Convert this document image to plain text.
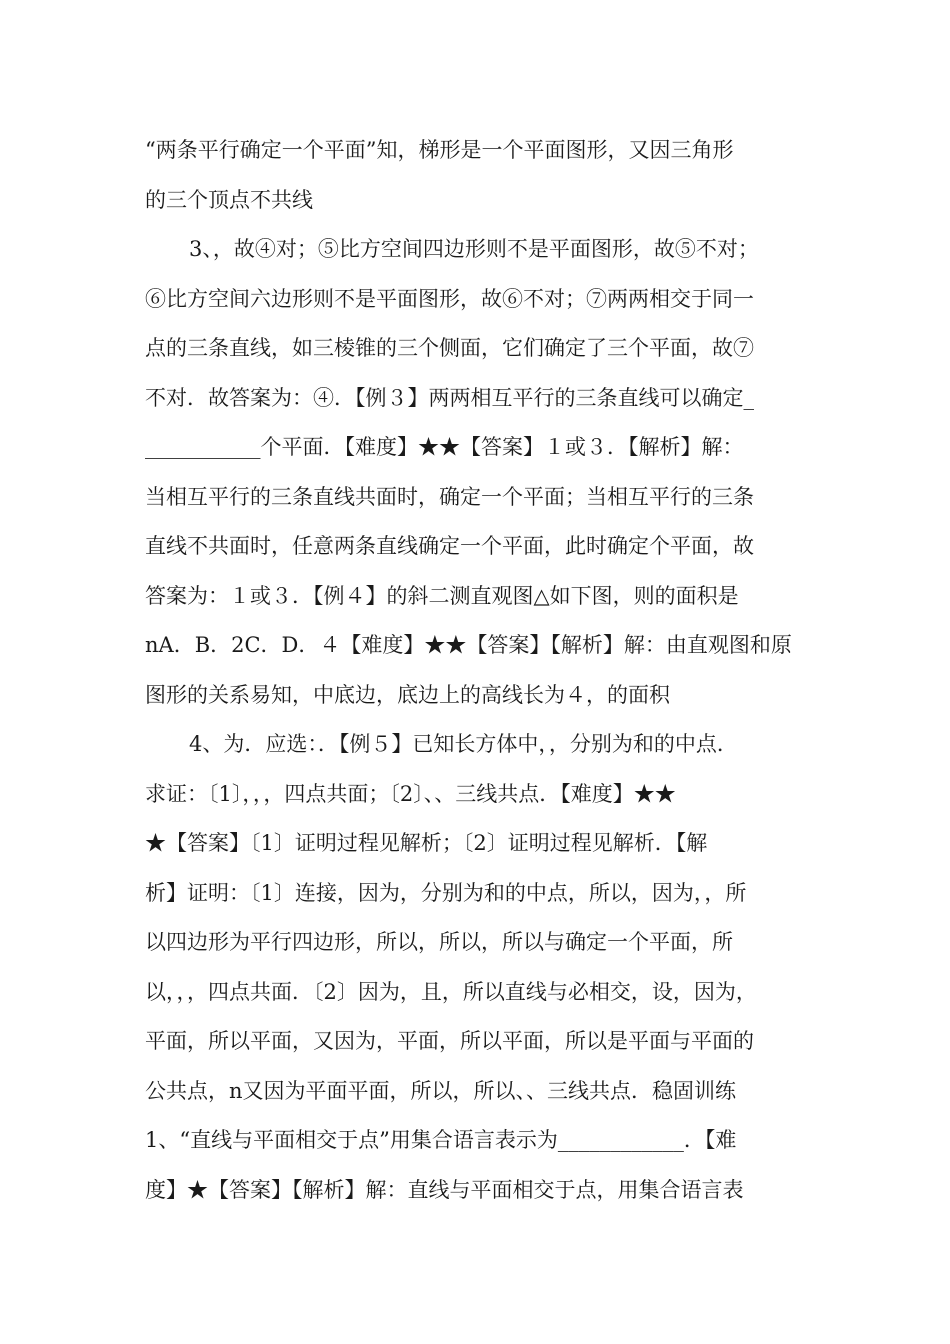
“两条平行确定一个平面”知，梯形是一个平面图形，又因三角形
的三个顶点不共线
3、，故④对；⑤比方空间四边形则不是平面图形，故⑤不对；
⑥比方空间六边形则不是平面图形，故⑥不对；⑦两两相交于同一
点的三条直线，如三棱锥的三个侧面，它们确定了三个平面，故⑦
不对．故答案为：④．【例３】两两相互平行的三条直线可以确定_
___________个平面．【难度】★★【答案】１或３．【解析】解：
当相互平行的三条直线共面时，确定一个平面；当相互平行的三条
直线不共面时，任意两条直线确定一个平面，此时确定个平面，故
答案为：１或３．【例４】的斜二测直观图△如下图，则的面积是
nA．B．2C．D．４【难度】★★【答案】【解析】解：由直观图和原
图形的关系易知，中底边，底边上的高线长为４，的面积
4、为．应选：．【例５】已知长方体中，，分别为和的中点．
求证：〔1〕，，，四点共面；〔2〕、、三线共点．【难度】★★
★【答案】〔1〕证明过程见解析；〔2〕证明过程见解析．【解
析】证明：〔1〕连接，因为，分别为和的中点，所以，因为，，所
以四边形为平行四边形，所以，所以，所以与确定一个平面，所
以，，，四点共面．〔2〕因为，且，所以直线与必相交，设，因为，
平面，所以平面，又因为，平面，所以平面，所以是平面与平面的
公共点，n又因为平面平面，所以，所以、、三线共点．稳固训练
1、“直线与平面相交于点”用集合语言表示为____________．【难
度】★【答案】【解析】解：直线与平面相交于点，用集合语言表
